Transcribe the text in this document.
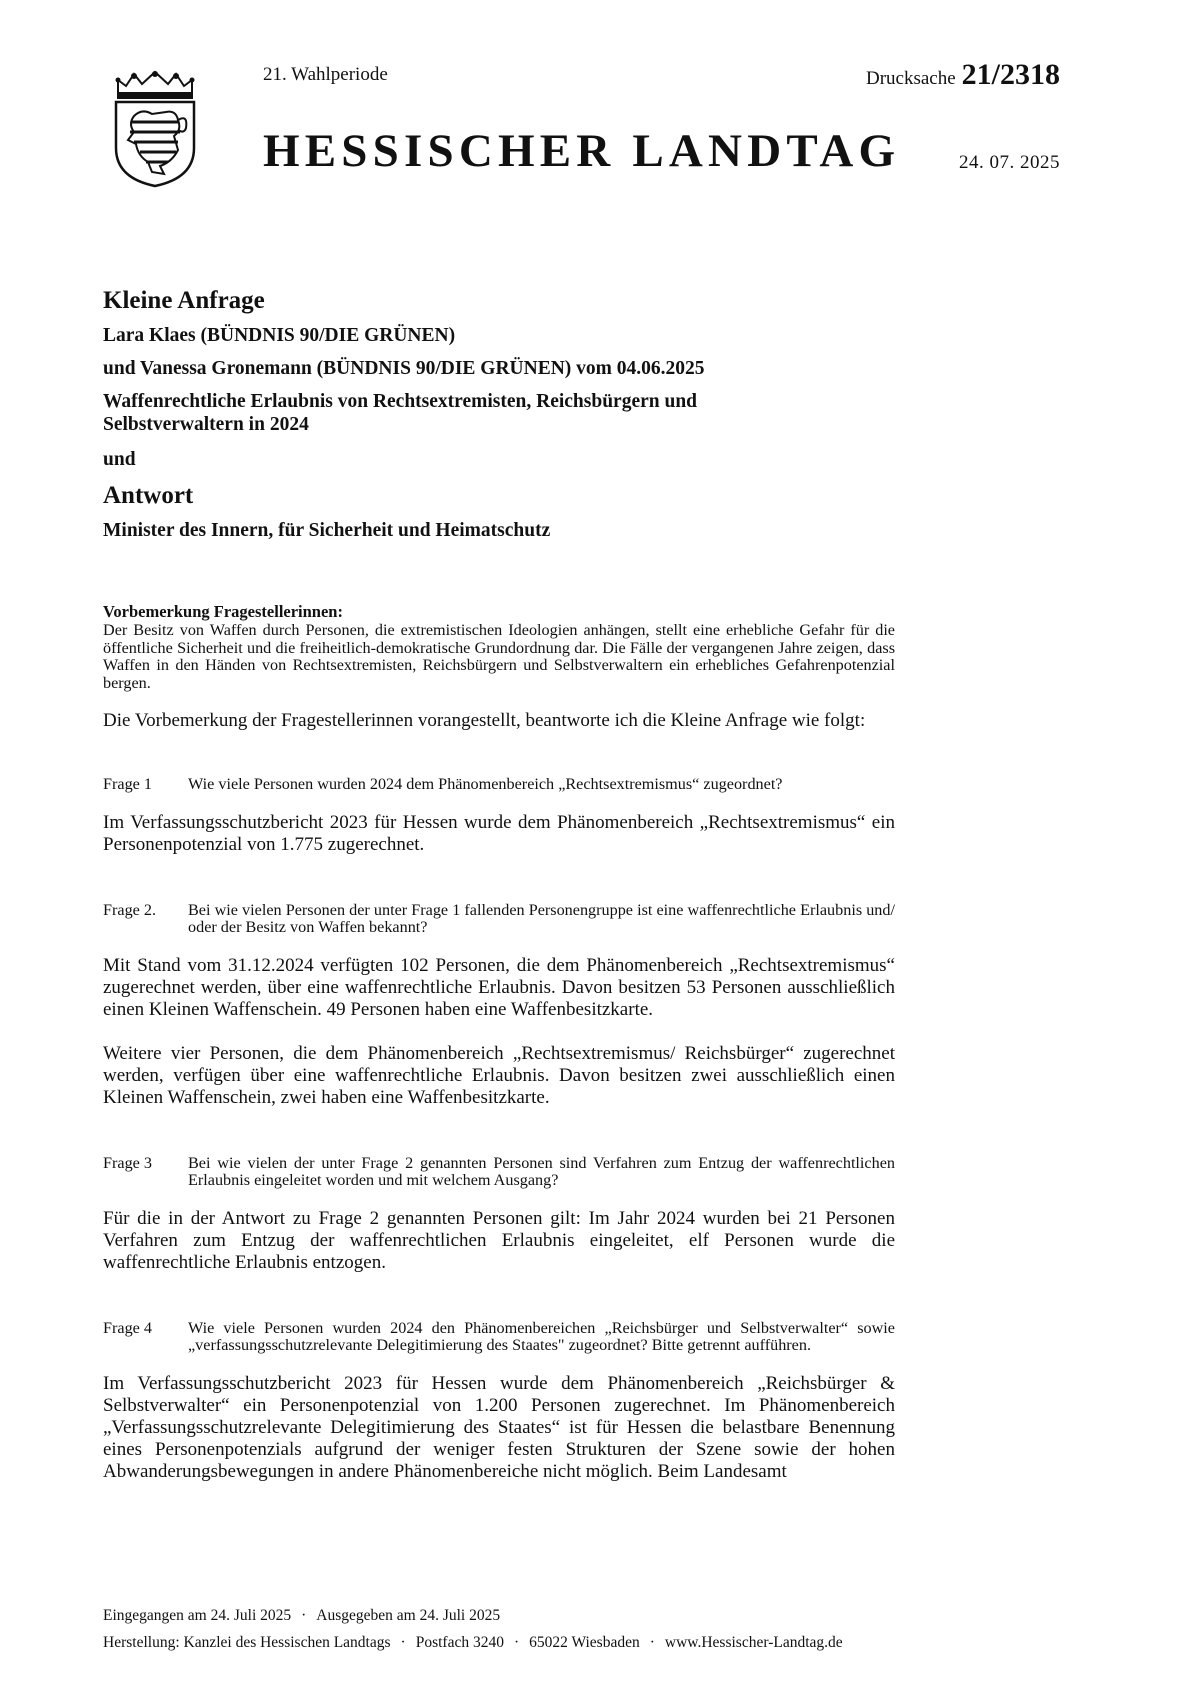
21. Wahlperiode	Drucksache 21/2318
HESSISCHER LANDTAG	24. 07. 2025
Kleine Anfrage
Lara Klaes (BÜNDNIS 90/DIE GRÜNEN)
und Vanessa Gronemann (BÜNDNIS 90/DIE GRÜNEN) vom 04.06.2025
Waffenrechtliche Erlaubnis von Rechtsextremisten, Reichsbürgern und Selbstverwaltern in 2024
und
Antwort
Minister des Innern, für Sicherheit und Heimatschutz
Vorbemerkung Fragestellerinnen:
Der Besitz von Waffen durch Personen, die extremistischen Ideologien anhängen, stellt eine erhebliche Gefahr für die öffentliche Sicherheit und die freiheitlich-demokratische Grundordnung dar. Die Fälle der vergangenen Jahre zeigen, dass Waffen in den Händen von Rechtsextremisten, Reichsbürgern und Selbstverwaltern ein erhebliches Gefahrenpotenzial bergen.
Die Vorbemerkung der Fragestellerinnen vorangestellt, beantworte ich die Kleine Anfrage wie folgt:
Frage 1	Wie viele Personen wurden 2024 dem Phänomenbereich „Rechtsextremismus“ zugeordnet?
Im Verfassungsschutzbericht 2023 für Hessen wurde dem Phänomenbereich „Rechtsextremismus“ ein Personenpotenzial von 1.775 zugerechnet.
Frage 2.	Bei wie vielen Personen der unter Frage 1 fallenden Personengruppe ist eine waffenrechtliche Erlaubnis und/ oder der Besitz von Waffen bekannt?
Mit Stand vom 31.12.2024 verfügten 102 Personen, die dem Phänomenbereich „Rechtsextremismus“ zugerechnet werden, über eine waffenrechtliche Erlaubnis. Davon besitzen 53 Personen ausschließlich einen Kleinen Waffenschein. 49 Personen haben eine Waffenbesitzkarte.
Weitere vier Personen, die dem Phänomenbereich „Rechtsextremismus/ Reichsbürger“ zugerechnet werden, verfügen über eine waffenrechtliche Erlaubnis. Davon besitzen zwei ausschließlich einen Kleinen Waffenschein, zwei haben eine Waffenbesitzkarte.
Frage 3	Bei wie vielen der unter Frage 2 genannten Personen sind Verfahren zum Entzug der waffenrechtlichen Erlaubnis eingeleitet worden und mit welchem Ausgang?
Für die in der Antwort zu Frage 2 genannten Personen gilt: Im Jahr 2024 wurden bei 21 Personen Verfahren zum Entzug der waffenrechtlichen Erlaubnis eingeleitet, elf Personen wurde die waffenrechtliche Erlaubnis entzogen.
Frage 4	Wie viele Personen wurden 2024 den Phänomenbereichen „Reichsbürger und Selbstverwalter“ sowie „verfassungsschutzrelevante Delegitimierung des Staates" zugeordnet? Bitte getrennt aufführen.
Im Verfassungsschutzbericht 2023 für Hessen wurde dem Phänomenbereich „Reichsbürger & Selbstverwalter“ ein Personenpotenzial von 1.200 Personen zugerechnet. Im Phänomenbereich „Verfassungsschutzrelevante Delegitimierung des Staates“ ist für Hessen die belastbare Benennung eines Personenpotenzials aufgrund der weniger festen Strukturen der Szene sowie der hohen Abwanderungsbewegungen in andere Phänomenbereiche nicht möglich. Beim Landesamt
Eingegangen am 24. Juli 2025 · Ausgegeben am 24. Juli 2025
Herstellung: Kanzlei des Hessischen Landtags · Postfach 3240 · 65022 Wiesbaden · www.Hessischer-Landtag.de
